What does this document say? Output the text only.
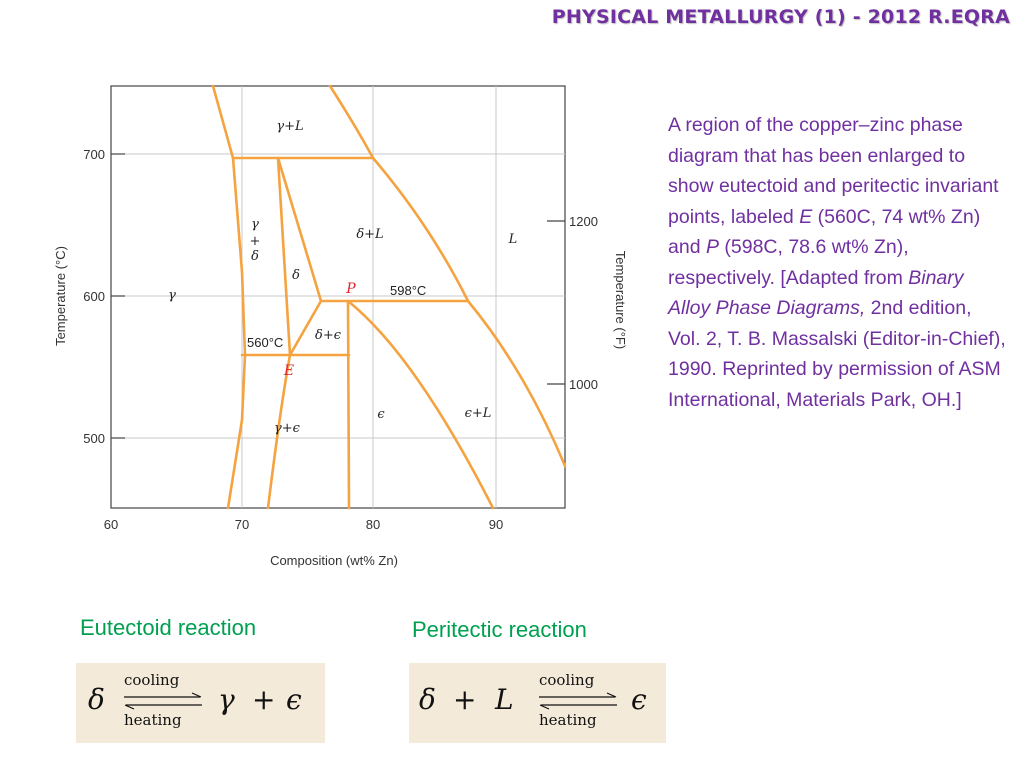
PHYSICAL METALLURGY (1) - 2012 R.EQRA
700
600
500
1200
1000
60	70	80	90
Composition (wt% Zn)
Temperature (°C)	Temperature (°F)
γ+L
γ
+
δ
δ
δ+L	L
γ
δ+ϵ
γ+ϵ
ϵ	ϵ+L
P	598°C
E
560°C
A region of the copper–zinc phase diagram that has been enlarged to show eutectoid and peritectic invariant points, labeled E (560C, 74 wt% Zn) and P (598C, 78.6 wt% Zn), respectively. [Adapted from Binary Alloy Phase Diagrams, 2nd edition, Vol. 2, T. B. Massalski (Editor-in-Chief), 1990. Reprinted by permission of ASM International, Materials Park, OH.]
Eutectoid reaction
δ
cooling
heating
γ + ϵ
Peritectic reaction
δ + L
cooling
heating
ϵ
